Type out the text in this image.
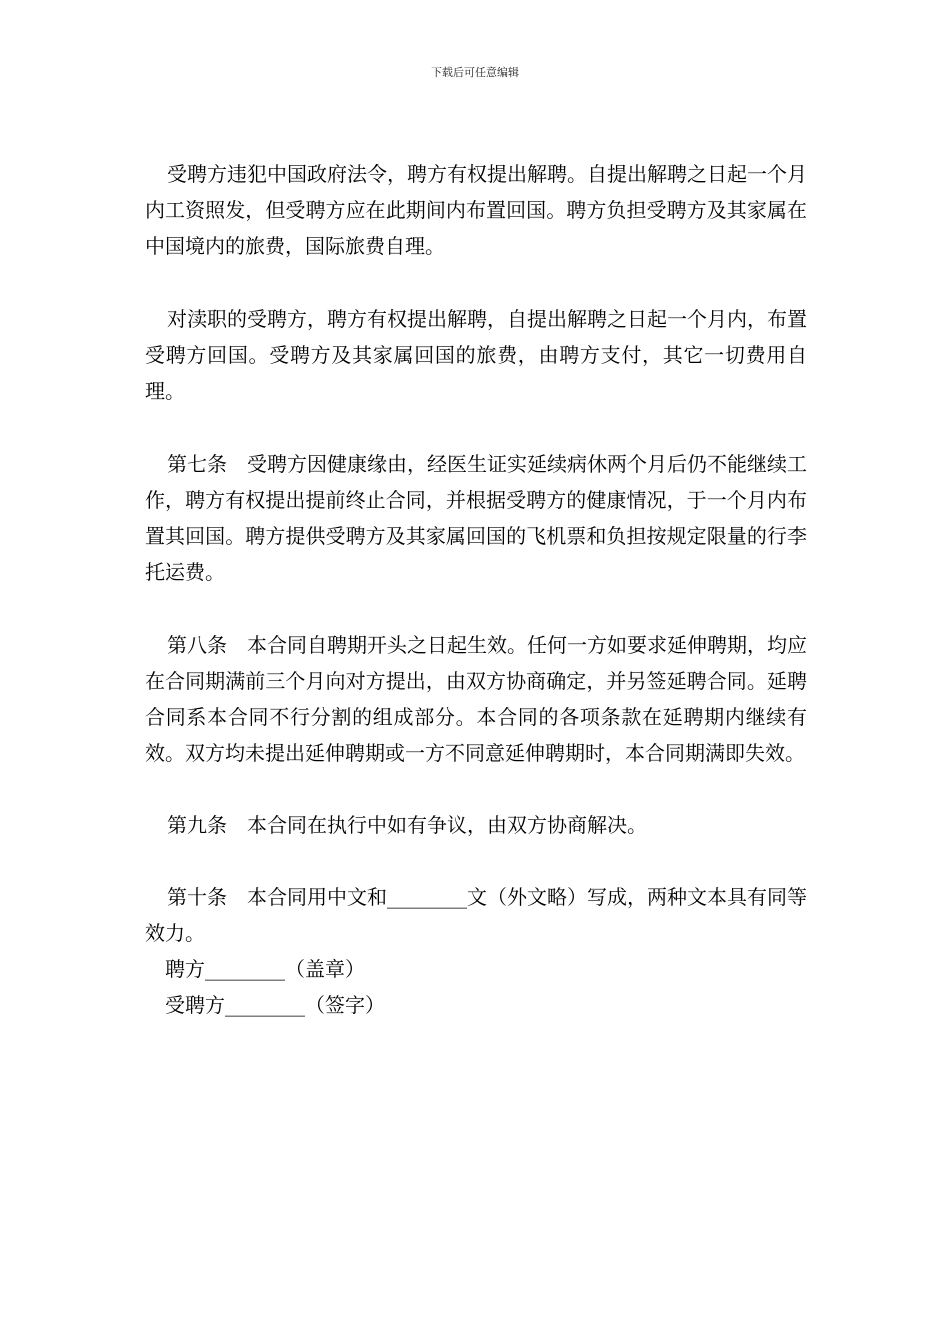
下载后可任意编辑

受聘方违犯中国政府法令，聘方有权提出解聘。自提出解聘之日起一个月内工资照发，但受聘方应在此期间内布置回国。聘方负担受聘方及其家属在中国境内的旅费，国际旅费自理。

对渎职的受聘方，聘方有权提出解聘，自提出解聘之日起一个月内，布置受聘方回国。受聘方及其家属回国的旅费，由聘方支付，其它一切费用自理。

第七条　受聘方因健康缘由，经医生证实延续病休两个月后仍不能继续工作，聘方有权提出提前终止合同，并根据受聘方的健康情况，于一个月内布置其回国。聘方提供受聘方及其家属回国的飞机票和负担按规定限量的行李托运费。

第八条　本合同自聘期开头之日起生效。任何一方如要求延伸聘期，均应在合同期满前三个月向对方提出，由双方协商确定，并另签延聘合同。延聘合同系本合同不行分割的组成部分。本合同的各项条款在延聘期内继续有效。双方均未提出延伸聘期或一方不同意延伸聘期时，本合同期满即失效。

第九条　本合同在执行中如有争议，由双方协商解决。

第十条　本合同用中文和________文（外文略）写成，两种文本具有同等效力。

聘方________（盖章）

受聘方________（签字）
